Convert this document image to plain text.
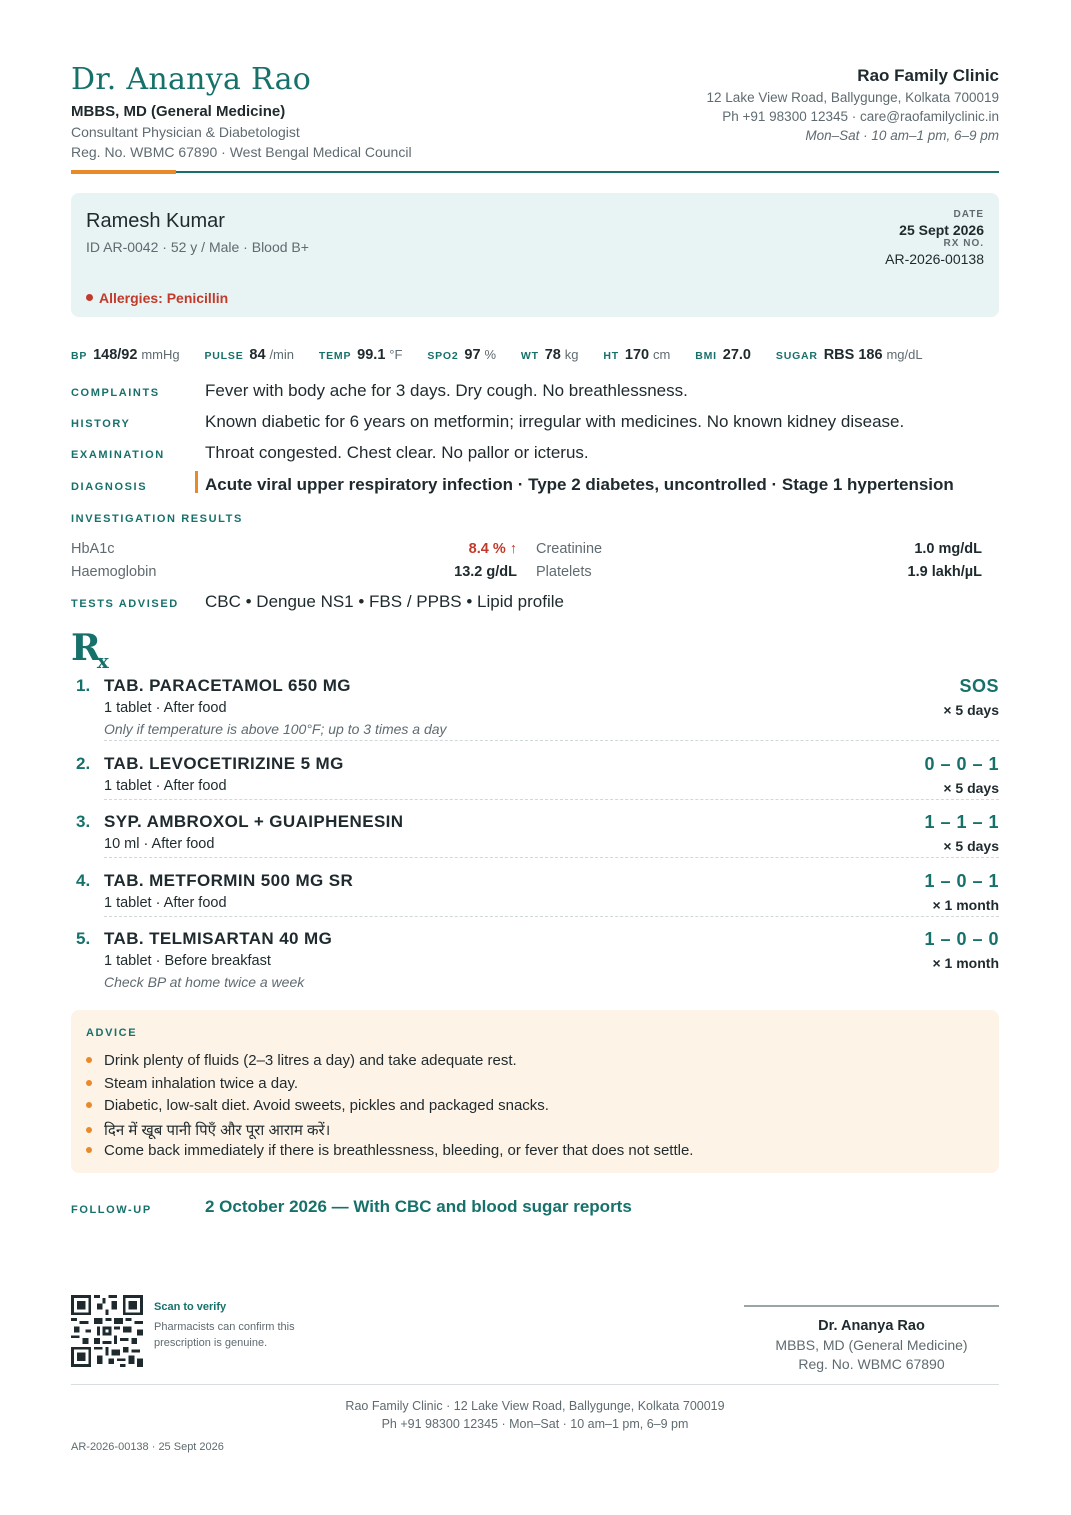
Dr. Ananya Rao
MBBS, MD (General Medicine)
Consultant Physician & Diabetologist
Reg. No. WBMC 67890 · West Bengal Medical Council
Rao Family Clinic
12 Lake View Road, Ballygunge, Kolkata 700019
Ph +91 98300 12345 · care@raofamilyclinic.in
Mon–Sat · 10 am–1 pm, 6–9 pm
Ramesh Kumar
ID AR-0042 · 52 y / Male · Blood B+
Allergies: Penicillin
DATE
25 Sept 2026
RX NO.
AR-2026-00138
BP 148/92 mmHg PULSE 84 /min TEMP 99.1 °F SPO2 97 % WT 78 kg HT 170 cm BMI 27.0 SUGAR RBS 186 mg/dL
COMPLAINTS	Fever with body ache for 3 days. Dry cough. No breathlessness.
HISTORY	Known diabetic for 6 years on metformin; irregular with medicines. No known kidney disease.
EXAMINATION Throat congested. Chest clear. No pallor or icterus.
DIAGNOSIS	Acute viral upper respiratory infection · Type 2 diabetes, uncontrolled · Stage 1 hypertension
INVESTIGATION RESULTS
HbA1c	8.4 % ↑ Creatinine	1.0 mg/dL
Haemoglobin	13.2 g/dL Platelets	1.9 lakh/µL
TESTS ADVISED CBC • Dengue NS1 • FBS / PPBS • Lipid profile
$R_x$
1. TAB. PARACETAMOL 650 MG
1 tablet · After food
Only if temperature is above 100°F; up to 3 times a day
SOS
× 5 days
2. TAB. LEVOCETIRIZINE 5 MG
1 tablet · After food
0 – 0 – 1
× 5 days
3. SYP. AMBROXOL + GUAIPHENESIN
10 ml · After food
1 – 1 – 1
× 5 days
4. TAB. METFORMIN 500 MG SR
1 tablet · After food
1 – 0 – 1
× 1 month
5. TAB. TELMISARTAN 40 MG
1 tablet · Before breakfast
Check BP at home twice a week
1 – 0 – 0
× 1 month
ADVICE
Drink plenty of fluids (2–3 litres a day) and take adequate rest.
Steam inhalation twice a day.
Diabetic, low-salt diet. Avoid sweets, pickles and packaged snacks.
दिन में खूब पानी पिएँ और पूरा आराम करें।
Come back immediately if there is breathlessness, bleeding, or fever that does not settle.
FOLLOW-UP	2 October 2026 — With CBC and blood sugar reports
Scan to verify
Pharmacists can confirm this prescription is genuine.
Dr. Ananya Rao
MBBS, MD (General Medicine)
Reg. No. WBMC 67890
Rao Family Clinic · 12 Lake View Road, Ballygunge, Kolkata 700019
Ph +91 98300 12345 · Mon–Sat · 10 am–1 pm, 6–9 pm
AR-2026-00138 · 25 Sept 2026
